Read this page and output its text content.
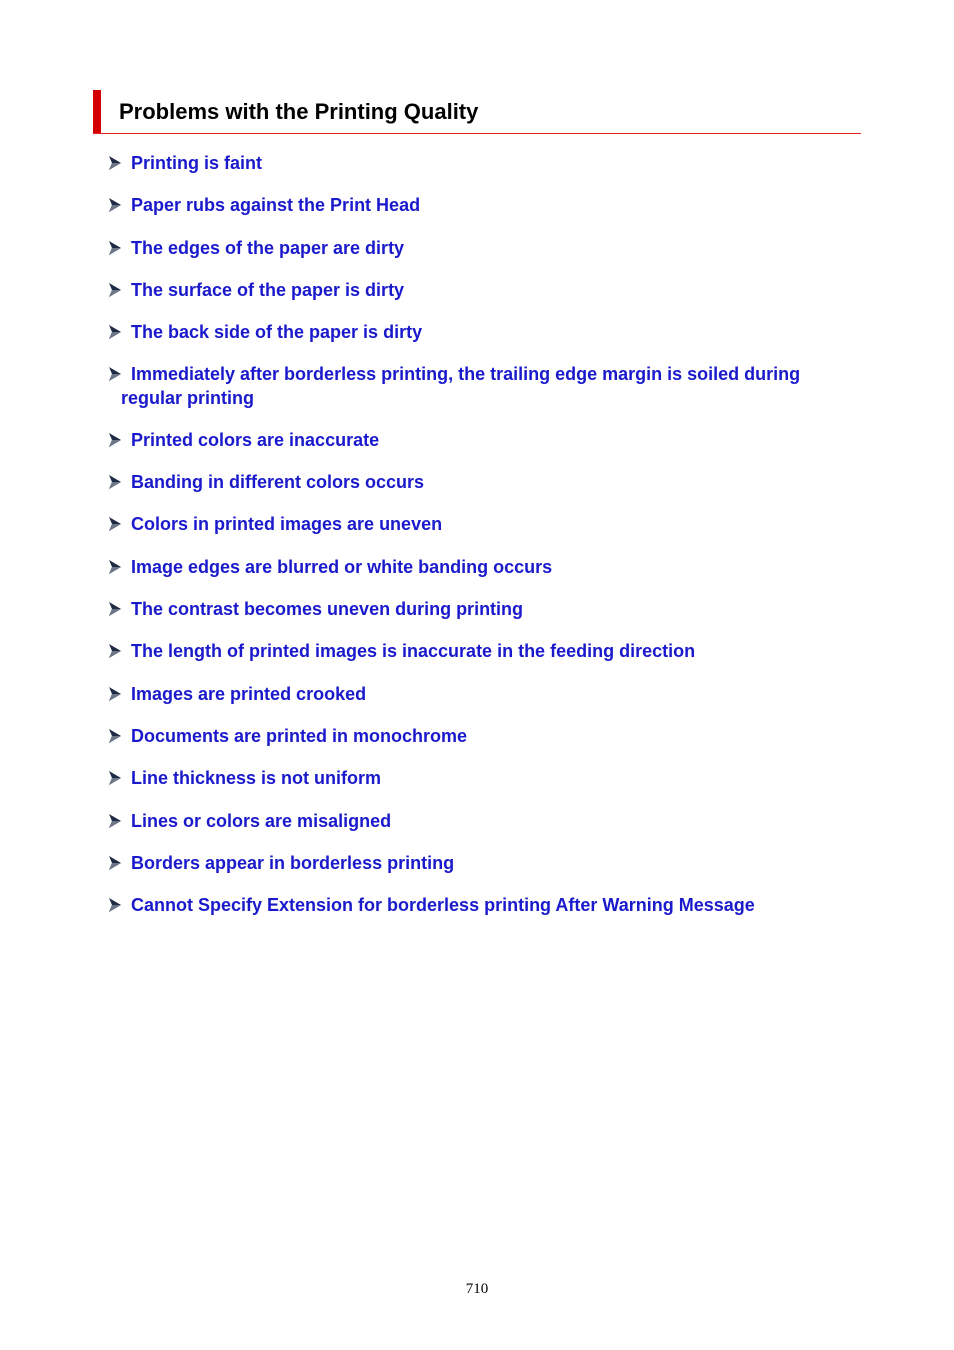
Problems with the Printing Quality
Printing is faint
Paper rubs against the Print Head
The edges of the paper are dirty
The surface of the paper is dirty
The back side of the paper is dirty
Immediately after borderless printing, the trailing edge margin is soiled during
regular printing
Printed colors are inaccurate
Banding in different colors occurs
Colors in printed images are uneven
Image edges are blurred or white banding occurs
The contrast becomes uneven during printing
The length of printed images is inaccurate in the feeding direction
Images are printed crooked
Documents are printed in monochrome
Line thickness is not uniform
Lines or colors are misaligned
Borders appear in borderless printing
Cannot Specify Extension for borderless printing After Warning Message
710
